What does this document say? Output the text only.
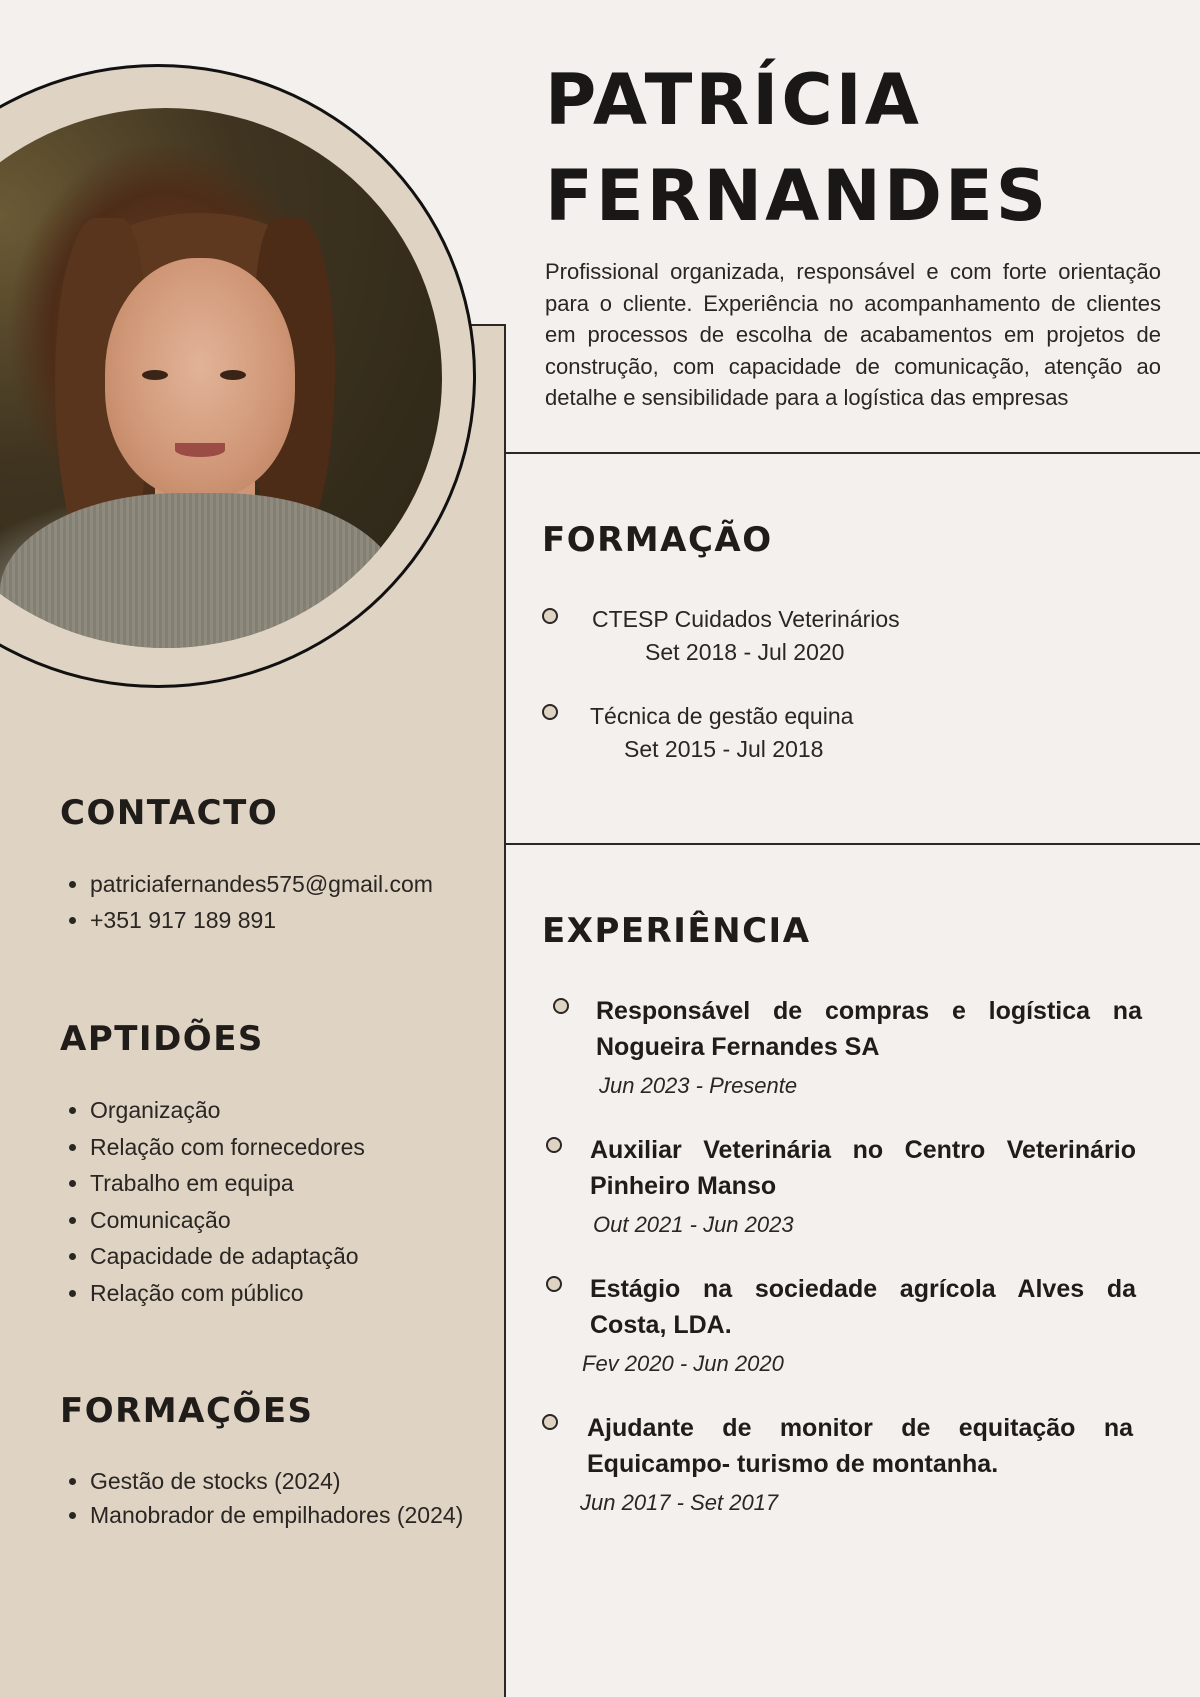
PATRÍCIA
FERNANDES

Profissional organizada, responsável e com forte orientação para o cliente. Experiência no acompanhamento de clientes em processos de escolha de acabamentos em projetos de construção, com capacidade de comunicação, atenção ao detalhe e sensibilidade para a logística das empresas

FORMAÇÃO
CTESP Cuidados Veterinários
Set 2018 - Jul 2020
Técnica de gestão equina
Set 2015 - Jul 2018
EXPERIÊNCIA
Responsável de compras e logística na Nogueira Fernandes SA
Jun 2023 - Presente
Auxiliar Veterinária no Centro Veterinário Pinheiro Manso
Out 2021 - Jun 2023
Estágio na sociedade agrícola Alves da Costa, LDA.
Fev 2020 - Jun 2020
Ajudante de monitor de equitação na Equicampo- turismo de montanha.
Jun 2017 - Set 2017
CONTACTO
• patriciafernandes575@gmail.com
• +351 917 189 891
APTIDÕES
• Organização
• Relação com fornecedores
• Trabalho em equipa
• Comunicação
• Capacidade de adaptação
• Relação com público
FORMAÇÕES
• Gestão de stocks (2024)
• Manobrador de empilhadores (2024)
